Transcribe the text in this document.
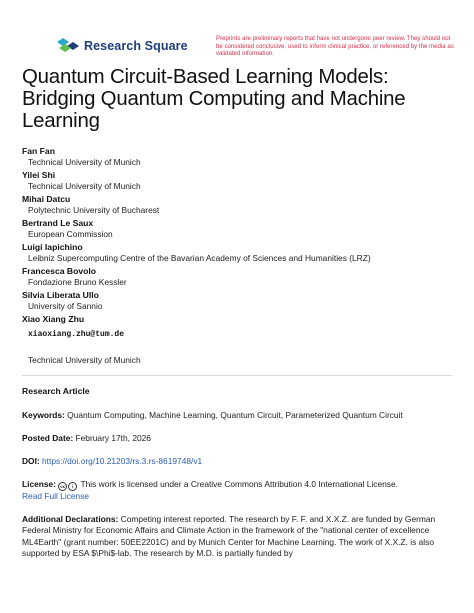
Research Square
Preprints are preliminary reports that have not undergone peer review. They should not be considered conclusive, used to inform clinical practice, or referenced by the media as validated information.
Quantum Circuit-Based Learning Models: Bridging Quantum Computing and Machine Learning
Fan Fan
Technical University of Munich
Yilei Shi
Technical University of Munich
Mihai Datcu
Polytechnic University of Bucharest
Bertrand Le Saux
European Commission
Luigi Iapichino
Leibniz Supercomputing Centre of the Bavarian Academy of Sciences and Humanities (LRZ)
Francesca Bovolo
Fondazione Bruno Kessler
Silvia Liberata Ullo
University of Sannio
Xiao Xiang Zhu
xiaoxiang.zhu@tum.de
Technical University of Munich
Research Article
Keywords: Quantum Computing, Machine Learning, Quantum Circuit, Parameterized Quantum Circuit
Posted Date: February 17th, 2026
DOI: https://doi.org/10.21203/rs.3.rs-8619748/v1
License: cc i This work is licensed under a Creative Commons Attribution 4.0 International License.
Read Full License
Additional Declarations: Competing interest reported. The research by F. F. and X.X.Z. are funded by German Federal Ministry for Economic Affairs and Climate Action in the framework of the "national center of excellence ML4Earth" (grant number: 50EE2201C) and by Munich Center for Machine Learning. The work of X.X.Z. is also supported by ESA $\Phi$-lab. The research by M.D. is partially funded by
